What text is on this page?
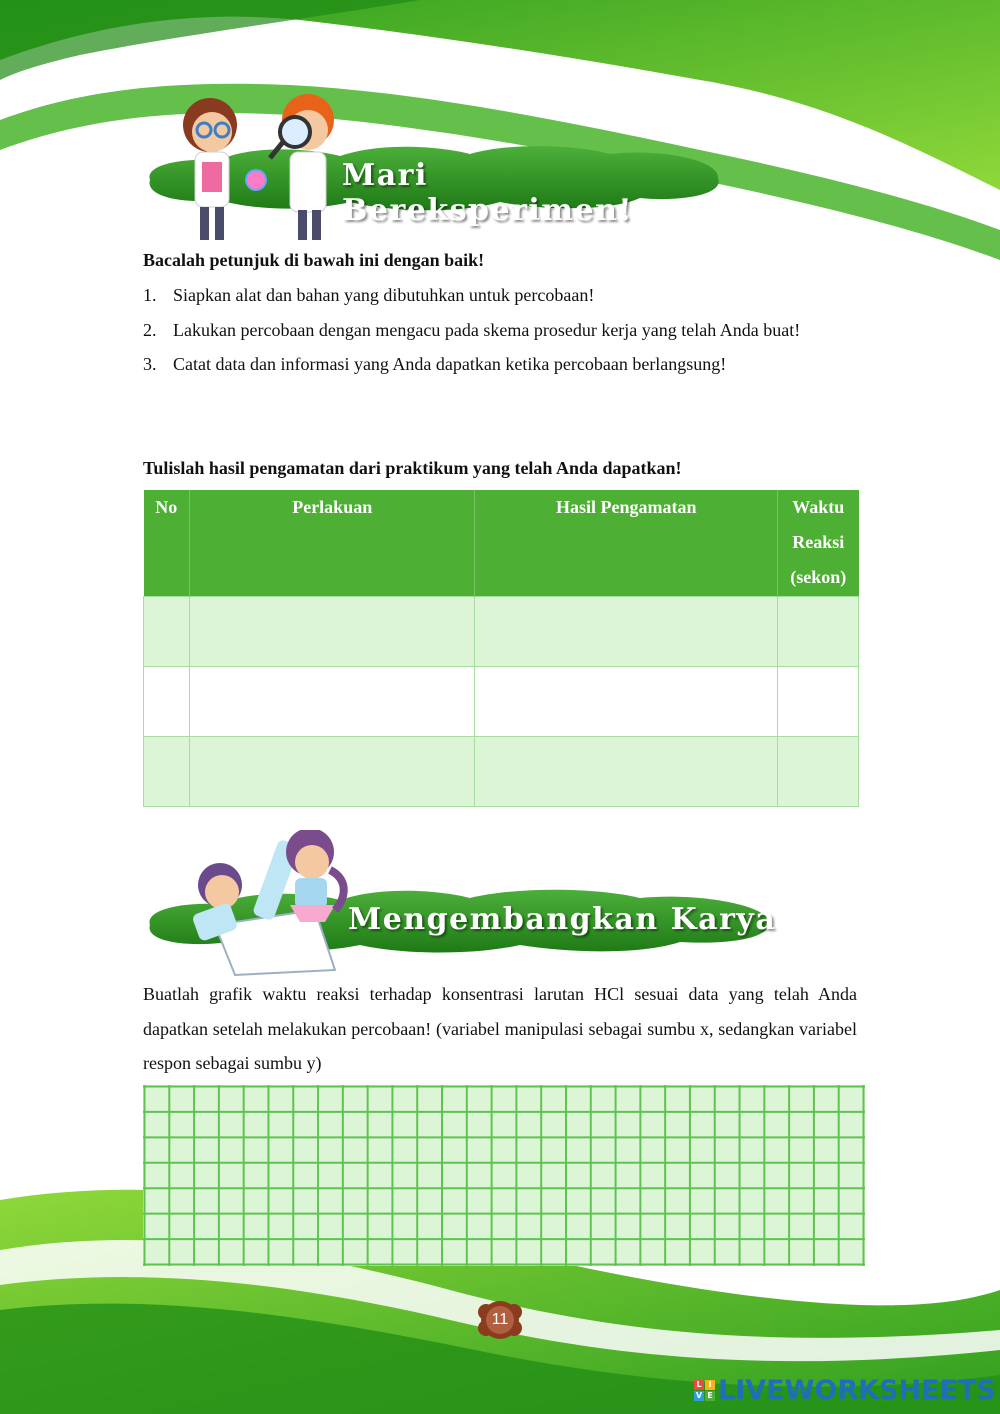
Mari Bereksperimen!
Bacalah petunjuk di bawah ini dengan baik!
1. Siapkan alat dan bahan yang dibutuhkan untuk percobaan!
2. Lakukan percobaan dengan mengacu pada skema prosedur kerja yang telah Anda buat!
3. Catat data dan informasi yang Anda dapatkan ketika percobaan berlangsung!
Tulislah hasil pengamatan dari praktikum yang telah Anda dapatkan!
No	Perlakuan	Hasil Pengamatan	Waktu Reaksi (sekon)

Mengembangkan Karya
Buatlah grafik waktu reaksi terhadap konsentrasi larutan HCl sesuai data yang telah Anda dapatkan setelah melakukan percobaan! (variabel manipulasi sebagai sumbu x, sedangkan variabel respon sebagai sumbu y)
11
L I
V E LIVEWORKSHEETS
